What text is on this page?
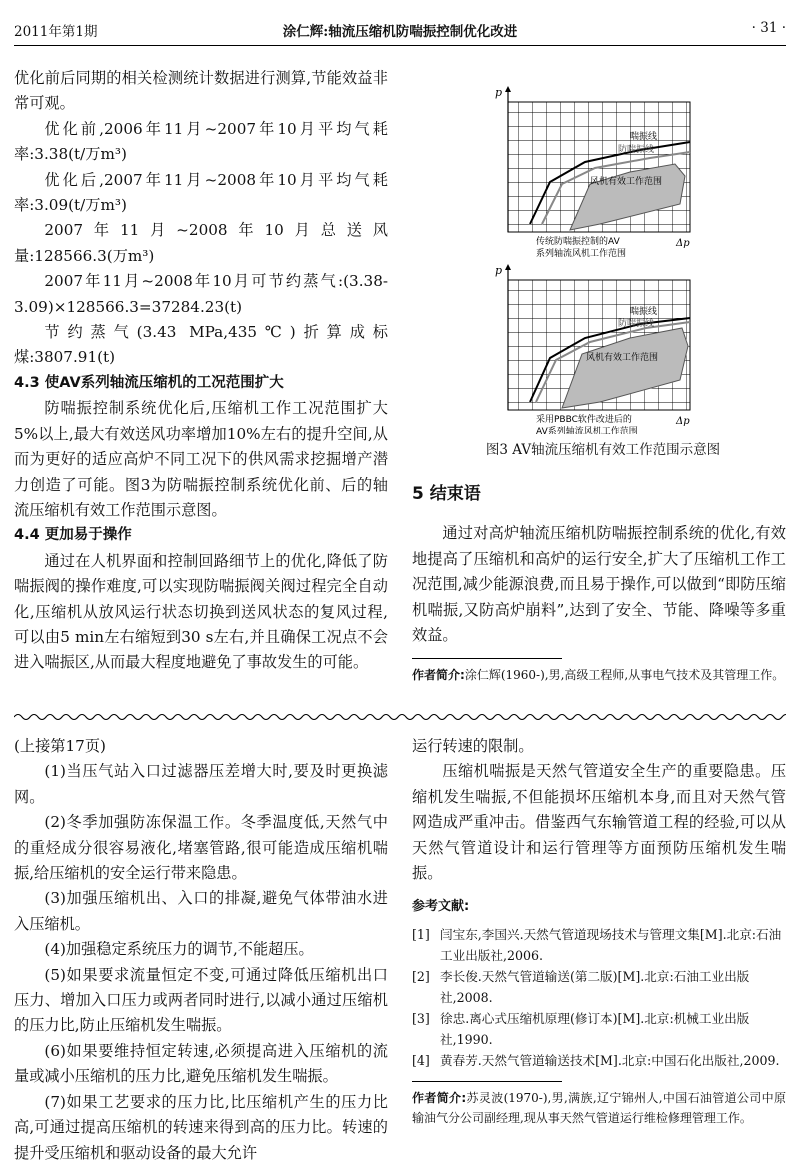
2011年第1期	涂仁辉:轴流压缩机防喘振控制优化改进	· 31 ·

优化前后同期的相关检测统计数据进行测算,节能效益非常可观。

优化前,2006年11月~2007年10月平均气耗率:3.38(t/万m³)

优化后,2007年11月~2008年10月平均气耗率:3.09(t/万m³)

2007年11月~2008年10月总送风量:128566.3(万m³)

2007年11月~2008年10月可节约蒸气:(3.38-3.09)×128566.3=37284.23(t)

节约蒸气(3.43 MPa,435℃)折算成标煤:3807.91(t)

4.3 使AV系列轴流压缩机的工况范围扩大

防喘振控制系统优化后,压缩机工作工况范围扩大5%以上,最大有效送风功率增加10%左右的提升空间,从而为更好的适应高炉不同工况下的供风需求挖掘增产潜力创造了可能。图3为防喘振控制系统优化前、后的轴流压缩机有效工作范围示意图。

4.4 更加易于操作

通过在人机界面和控制回路细节上的优化,降低了防喘振阀的操作难度,可以实现防喘振阀关阀过程完全自动化,压缩机从放风运行状态切换到送风状态的复风过程,可以由5 min左右缩短到30 s左右,并且确保工况点不会进入喘振区,从而最大程度地避免了事故发生的可能。

p
喘振线
防喘振线
风机有效工作范围
传统防喘振控制的AV
系列轴流风机工作范围
Δp
p
喘振线
防喘振线
风机有效工作范围
采用PBBC软件改进后的
AV系列轴流风机工作范围
Δp
图3 AV轴流压缩机有效工作范围示意图

5 结束语

通过对高炉轴流压缩机防喘振控制系统的优化,有效地提高了压缩机和高炉的运行安全,扩大了压缩机工作工况范围,减少能源浪费,而且易于操作,可以做到“即防压缩机喘振,又防高炉崩料”,达到了安全、节能、降噪等多重效益。

作者简介:涂仁辉(1960-),男,高级工程师,从事电气技术及其管理工作。

(上接第17页)

(1)当压气站入口过滤器压差增大时,要及时更换滤网。

(2)冬季加强防冻保温工作。冬季温度低,天然气中的重烃成分很容易液化,堵塞管路,很可能造成压缩机喘振,给压缩机的安全运行带来隐患。

(3)加强压缩机出、入口的排凝,避免气体带油水进入压缩机。

(4)加强稳定系统压力的调节,不能超压。

(5)如果要求流量恒定不变,可通过降低压缩机出口压力、增加入口压力或两者同时进行,以减小通过压缩机的压力比,防止压缩机发生喘振。

(6)如果要维持恒定转速,必须提高进入压缩机的流量或减小压缩机的压力比,避免压缩机发生喘振。

(7)如果工艺要求的压力比,比压缩机产生的压力比高,可通过提高压缩机的转速来得到高的压力比。转速的提升受压缩机和驱动设备的最大允许

运行转速的限制。

压缩机喘振是天然气管道安全生产的重要隐患。压缩机发生喘振,不但能损坏压缩机本身,而且对天然气管网造成严重冲击。借鉴西气东输管道工程的经验,可以从天然气管道设计和运行管理等方面预防压缩机发生喘振。

参考文献:

[1] 闫宝东,李国兴.天然气管道现场技术与管理文集[M].北京:石油工业出版社,2006.
[2] 李长俊.天然气管道输送(第二版)[M].北京:石油工业出版社,2008.
[3] 徐忠.离心式压缩机原理(修订本)[M].北京:机械工业出版社,1990.
[4] 黄春芳.天然气管道输送技术[M].北京:中国石化出版社,2009.

作者简介:苏灵波(1970-),男,满族,辽宁锦州人,中国石油管道公司中原输油气分公司副经理,现从事天然气管道运行维检修理管理工作。
